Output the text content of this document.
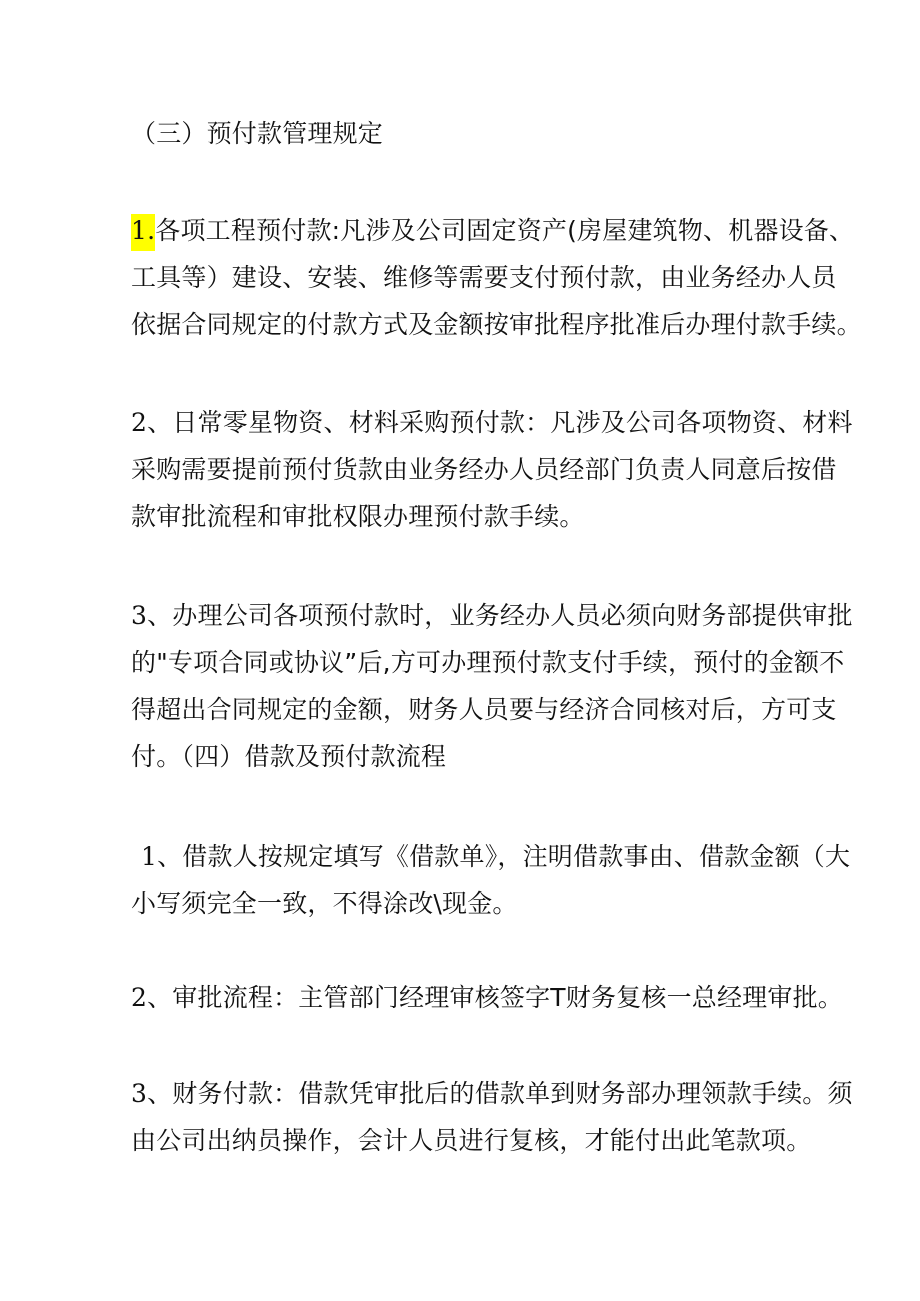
（三）预付款管理规定

1.各项工程预付款:凡涉及公司固定资产(房屋建筑物、机器设备、
工具等）建设、安装、维修等需要支付预付款，由业务经办人员
依据合同规定的付款方式及金额按审批程序批准后办理付款手续。

2、日常零星物资、材料采购预付款：凡涉及公司各项物资、材料
采购需要提前预付货款由业务经办人员经部门负责人同意后按借
款审批流程和审批权限办理预付款手续。

3、办理公司各项预付款时，业务经办人员必须向财务部提供审批
的"专项合同或协议”后,方可办理预付款支付手续，预付的金额不
得超出合同规定的金额，财务人员要与经济合同核对后，方可支
付。（四）借款及预付款流程

1、借款人按规定填写《借款单》，注明借款事由、借款金额（大
小写须完全一致，不得涂改\现金。

2、审批流程：主管部门经理审核签字T财务复核一总经理审批。

3、财务付款：借款凭审批后的借款单到财务部办理领款手续。须
由公司出纳员操作，会计人员进行复核，才能付出此笔款项。
